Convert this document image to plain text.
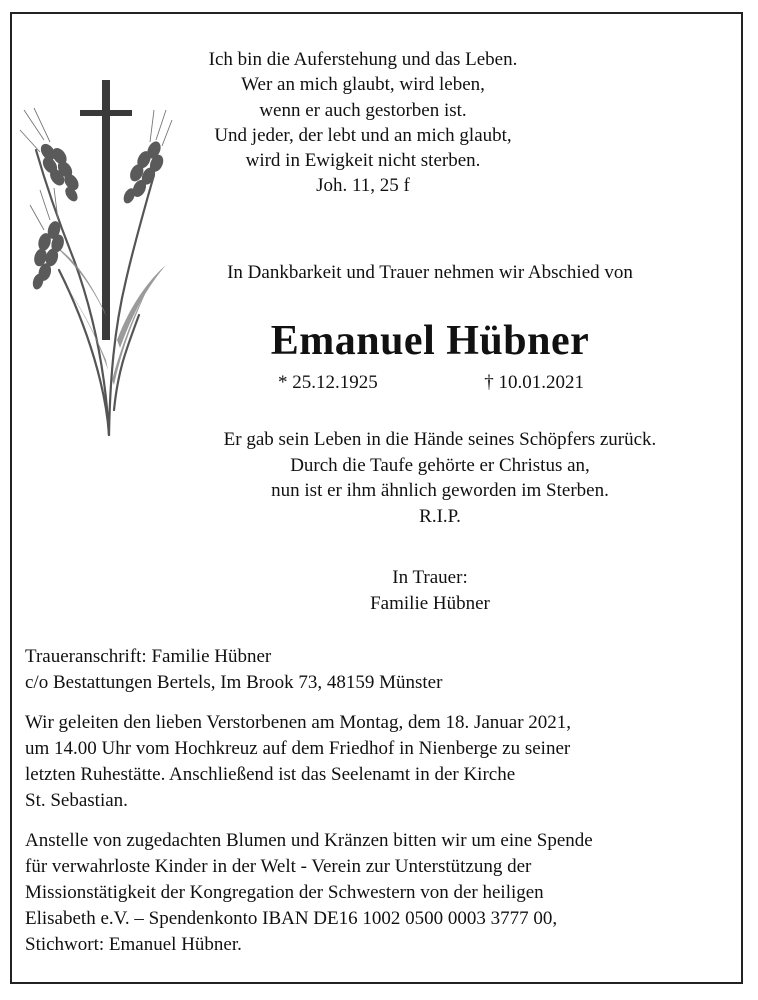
Ich bin die Auferstehung und das Leben.
Wer an mich glaubt, wird leben,
wenn er auch gestorben ist.
Und jeder, der lebt und an mich glaubt,
wird in Ewigkeit nicht sterben.
Joh. 11, 25 f
In Dankbarkeit und Trauer nehmen wir Abschied von
Emanuel Hübner
* 25.12.1925	† 10.01.2021
Er gab sein Leben in die Hände seines Schöpfers zurück.
Durch die Taufe gehörte er Christus an,
nun ist er ihm ähnlich geworden im Sterben.
R.I.P.
In Trauer:
Familie Hübner
Traueranschrift: Familie Hübner
c/o Bestattungen Bertels, Im Brook 73, 48159 Münster
Wir geleiten den lieben Verstorbenen am Montag, dem 18. Januar 2021,
um 14.00 Uhr vom Hochkreuz auf dem Friedhof in Nienberge zu seiner
letzten Ruhestätte. Anschließend ist das Seelenamt in der Kirche
St. Sebastian.
Anstelle von zugedachten Blumen und Kränzen bitten wir um eine Spende
für verwahrloste Kinder in der Welt - Verein zur Unterstützung der
Missionstätigkeit der Kongregation der Schwestern von der heiligen
Elisabeth e.V. – Spendenkonto IBAN DE16 1002 0500 0003 3777 00,
Stichwort: Emanuel Hübner.
